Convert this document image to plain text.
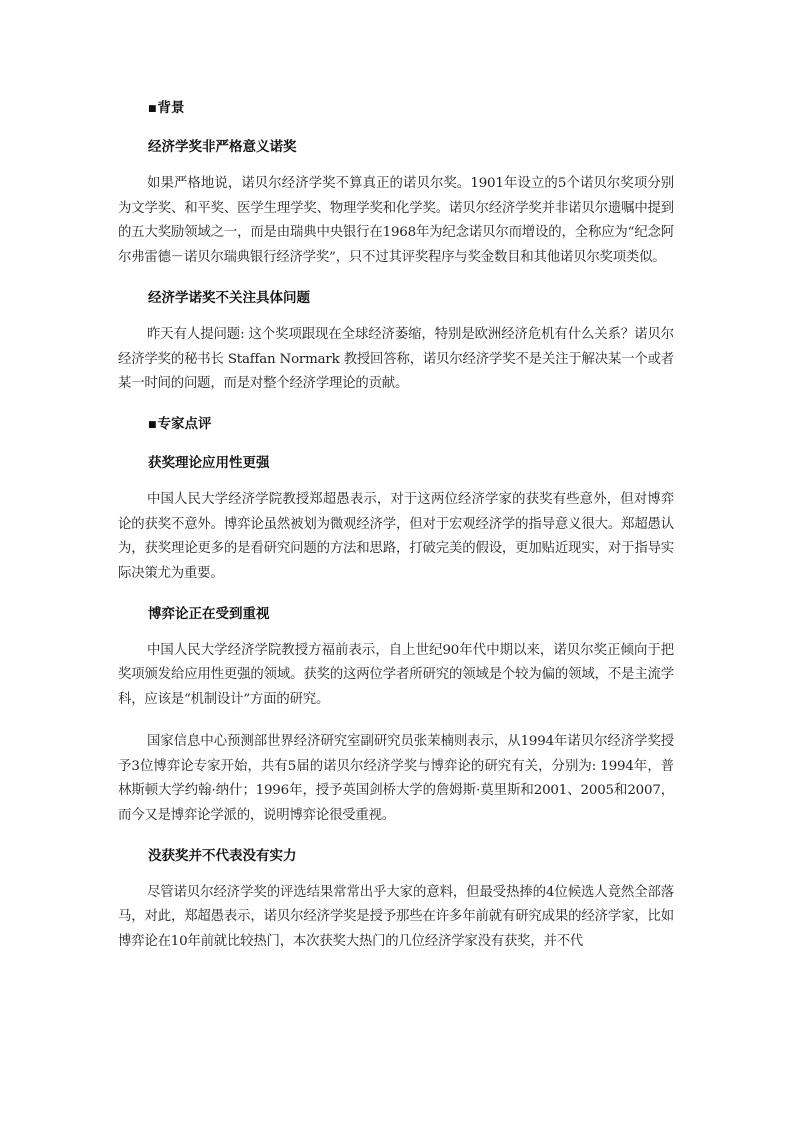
■背景
经济学奖非严格意义诺奖

如果严格地说，诺贝尔经济学奖不算真正的诺贝尔奖。1901年设立的5个诺贝尔奖项分别为文学奖、和平奖、医学生理学奖、物理学奖和化学奖。诺贝尔经济学奖并非诺贝尔遗嘱中提到的五大奖励领域之一，而是由瑞典中央银行在1968年为纪念诺贝尔而增设的，全称应为“纪念阿尔弗雷德－诺贝尔瑞典银行经济学奖”，只不过其评奖程序与奖金数目和其他诺贝尔奖项类似。

经济学诺奖不关注具体问题

昨天有人提问题: 这个奖项跟现在全球经济萎缩，特别是欧洲经济危机有什么关系？诺贝尔经济学奖的秘书长 Staffan Normark 教授回答称，诺贝尔经济学奖不是关注于解决某一个或者某一时间的问题，而是对整个经济学理论的贡献。

■专家点评
获奖理论应用性更强

中国人民大学经济学院教授郑超愚表示，对于这两位经济学家的获奖有些意外，但对博弈论的获奖不意外。博弈论虽然被划为微观经济学，但对于宏观经济学的指导意义很大。郑超愚认为，获奖理论更多的是看研究问题的方法和思路，打破完美的假设，更加贴近现实，对于指导实际决策尤为重要。

博弈论正在受到重视

中国人民大学经济学院教授方福前表示，自上世纪90年代中期以来，诺贝尔奖正倾向于把奖项颁发给应用性更强的领域。获奖的这两位学者所研究的领域是个较为偏的领域，不是主流学科，应该是“机制设计”方面的研究。

国家信息中心预测部世界经济研究室副研究员张茉楠则表示，从1994年诺贝尔经济学奖授予3位博弈论专家开始，共有5届的诺贝尔经济学奖与博弈论的研究有关，分别为: 1994年，普林斯顿大学约翰·纳什；1996年，授予英国剑桥大学的詹姆斯·莫里斯和2001、2005和2007，而今又是博弈论学派的，说明博弈论很受重视。

没获奖并不代表没有实力

尽管诺贝尔经济学奖的评选结果常常出乎大家的意料，但最受热捧的4位候选人竟然全部落马，对此，郑超愚表示，诺贝尔经济学奖是授予那些在许多年前就有研究成果的经济学家，比如博弈论在10年前就比较热门，本次获奖大热门的几位经济学家没有获奖，并不代
